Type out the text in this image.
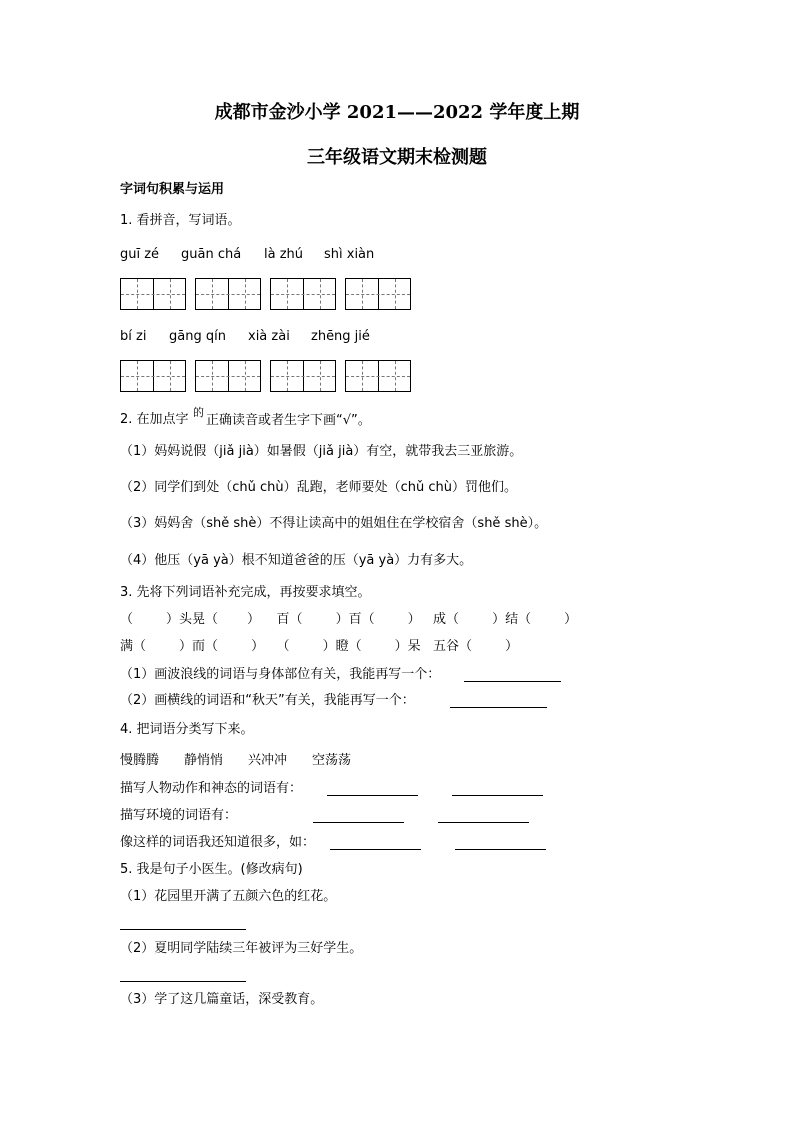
成都市金沙小学 2021——2022 学年度上期
三年级语文期末检测题
字词句积累与运用
1. 看拼音，写词语。
guī zé guān chá là zhú shì xiàn
bí zi gāng qín xià zài zhēng jié
2. 在加点字 的
正确读音或者生字下画“√”。
（1）妈妈说假（jiǎ jià）如暑假（jiǎ jià）有空，就带我去三亚旅游。
（2）同学们到处（chǔ chù）乱跑，老师要处（chǔ chù）罚他们。
（3）妈妈舍（shě shè）不得让读高中的姐姐住在学校宿舍（shě shè）。
（4）他压（yā yà）根不知道爸爸的压（yā yà）力有多大。
3. 先将下列词语补充完成，再按要求填空。
（        ）头晃（       ）    百（        ）百（        ）   成（        ）结（        ）
满（        ）而（        ）   （        ）瞪（        ）呆   五谷（        ）
（1）画波浪线的词语与身体部位有关，我能再写一个：
（2）画横线的词语和“秋天”有关，我能再写一个：
4. 把词语分类写下来。
慢腾腾 静悄悄 兴冲冲 空荡荡
描写人物动作和神态的词语有：
描写环境的词语有：
像这样的词语我还知道很多，如：
5. 我是句子小医生。(修改病句)
（1）花园里开满了五颜六色的红花。
（2）夏明同学陆续三年被评为三好学生。
（3）学了这几篇童话，深受教育。
